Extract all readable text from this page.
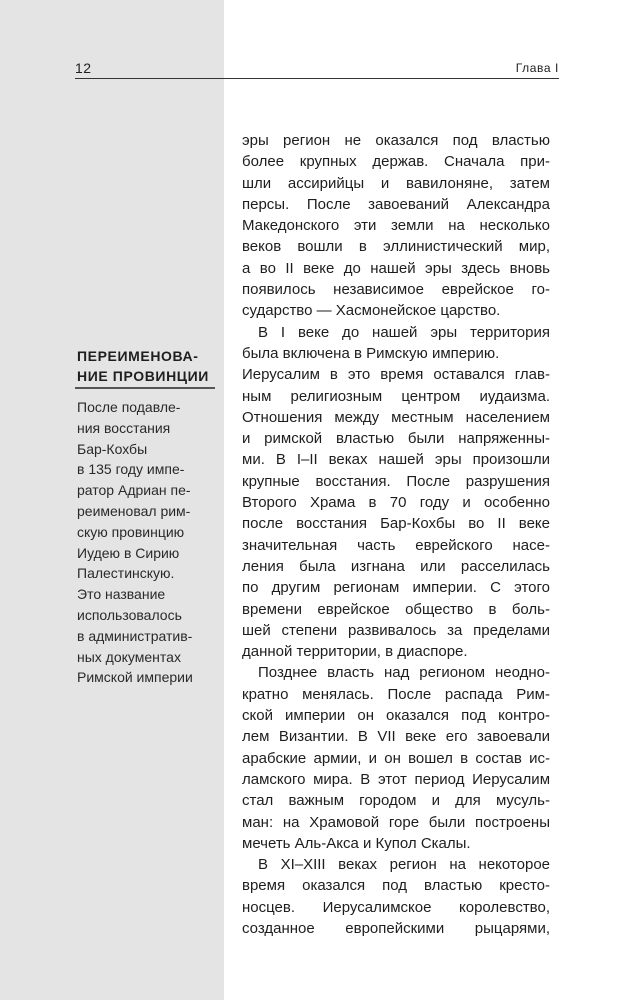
12	Глава I
ПЕРЕИМЕНОВА-
НИЕ ПРОВИНЦИИ
После подавле-
ния восстания
Бар-Кохбы
в 135 году импе-
ратор Адриан пе-
реименовал рим-
скую провинцию
Иудею в Сирию
Палестинскую.
Это название
использовалось
в административ-
ных документах
Римской империи
эры регион не оказался под властью
более крупных держав. Сначала при-
шли ассирийцы и вавилоняне, затем
персы. После завоеваний Александра
Македонского эти земли на несколько
веков вошли в эллинистический мир,
а во II веке до нашей эры здесь вновь
появилось независимое еврейское го-
сударство — Хасмонейское царство.
В I веке до нашей эры территория
была включена в Римскую империю.
Иерусалим в это время оставался глав-
ным религиозным центром иудаизма.
Отношения между местным населением
и римской властью были напряженны-
ми. В I–II веках нашей эры произошли
крупные восстания. После разрушения
Второго Храма в 70 году и особенно
после восстания Бар-Кохбы во II веке
значительная часть еврейского насе-
ления была изгнана или расселилась
по другим регионам империи. С этого
времени еврейское общество в боль-
шей степени развивалось за пределами
данной территории, в диаспоре.
Позднее власть над регионом неодно-
кратно менялась. После распада Рим-
ской империи он оказался под контро-
лем Византии. В VII веке его завоевали
арабские армии, и он вошел в состав ис-
ламского мира. В этот период Иерусалим
стал важным городом и для мусуль-
ман: на Храмовой горе были построены
мечеть Аль-Акса и Купол Скалы.
В XI–XIII веках регион на некоторое
время оказался под властью кресто-
носцев. Иерусалимское королевство,
созданное европейскими рыцарями,
